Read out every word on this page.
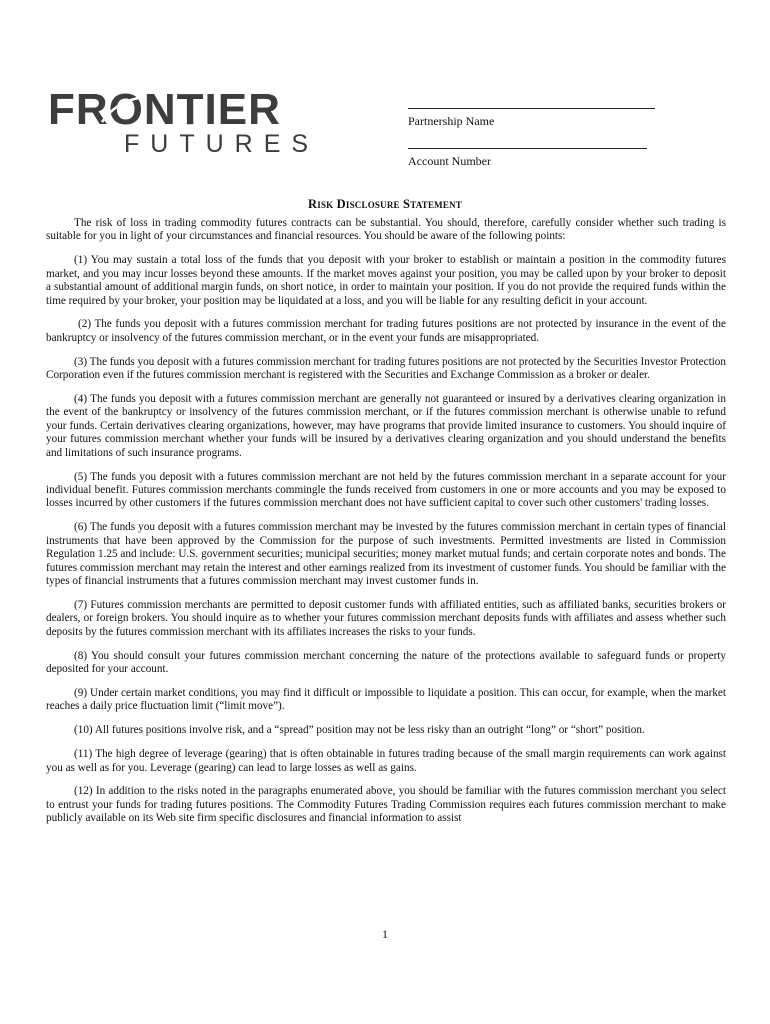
FRONTIER
FUTURES
Partnership Name
Account Number
Risk Disclosure Statement

The risk of loss in trading commodity futures contracts can be substantial. You should, therefore, carefully consider whether such trading is suitable for you in light of your circumstances and financial resources. You should be aware of the following points:

(1) You may sustain a total loss of the funds that you deposit with your broker to establish or maintain a position in the commodity futures market, and you may incur losses beyond these amounts. If the market moves against your position, you may be called upon by your broker to deposit a substantial amount of additional margin funds, on short notice, in order to maintain your position. If you do not provide the required funds within the time required by your broker, your position may be liquidated at a loss, and you will be liable for any resulting deficit in your account.

(2) The funds you deposit with a futures commission merchant for trading futures positions are not protected by insurance in the event of the bankruptcy or insolvency of the futures commission merchant, or in the event your funds are misappropriated.

(3) The funds you deposit with a futures commission merchant for trading futures positions are not protected by the Securities Investor Protection Corporation even if the futures commission merchant is registered with the Securities and Exchange Commission as a broker or dealer.

(4) The funds you deposit with a futures commission merchant are generally not guaranteed or insured by a derivatives clearing organization in the event of the bankruptcy or insolvency of the futures commission merchant, or if the futures commission merchant is otherwise unable to refund your funds. Certain derivatives clearing organizations, however, may have programs that provide limited insurance to customers. You should inquire of your futures commission merchant whether your funds will be insured by a derivatives clearing organization and you should understand the benefits and limitations of such insurance programs.

(5) The funds you deposit with a futures commission merchant are not held by the futures commission merchant in a separate account for your individual benefit. Futures commission merchants commingle the funds received from customers in one or more accounts and you may be exposed to losses incurred by other customers if the futures commission merchant does not have sufficient capital to cover such other customers' trading losses.

(6) The funds you deposit with a futures commission merchant may be invested by the futures commission merchant in certain types of financial instruments that have been approved by the Commission for the purpose of such investments. Permitted investments are listed in Commission Regulation 1.25 and include: U.S. government securities; municipal securities; money market mutual funds; and certain corporate notes and bonds. The futures commission merchant may retain the interest and other earnings realized from its investment of customer funds. You should be familiar with the types of financial instruments that a futures commission merchant may invest customer funds in.

(7) Futures commission merchants are permitted to deposit customer funds with affiliated entities, such as affiliated banks, securities brokers or dealers, or foreign brokers. You should inquire as to whether your futures commission merchant deposits funds with affiliates and assess whether such deposits by the futures commission merchant with its affiliates increases the risks to your funds.

(8) You should consult your futures commission merchant concerning the nature of the protections available to safeguard funds or property deposited for your account.

(9) Under certain market conditions, you may find it difficult or impossible to liquidate a position. This can occur, for example, when the market reaches a daily price fluctuation limit (“limit move”).

(10) All futures positions involve risk, and a “spread” position may not be less risky than an outright “long” or “short” position.

(11) The high degree of leverage (gearing) that is often obtainable in futures trading because of the small margin requirements can work against you as well as for you. Leverage (gearing) can lead to large losses as well as gains.

(12) In addition to the risks noted in the paragraphs enumerated above, you should be familiar with the futures commission merchant you select to entrust your funds for trading futures positions. The Commodity Futures Trading Commission requires each futures commission merchant to make publicly available on its Web site firm specific disclosures and financial information to assist

1
